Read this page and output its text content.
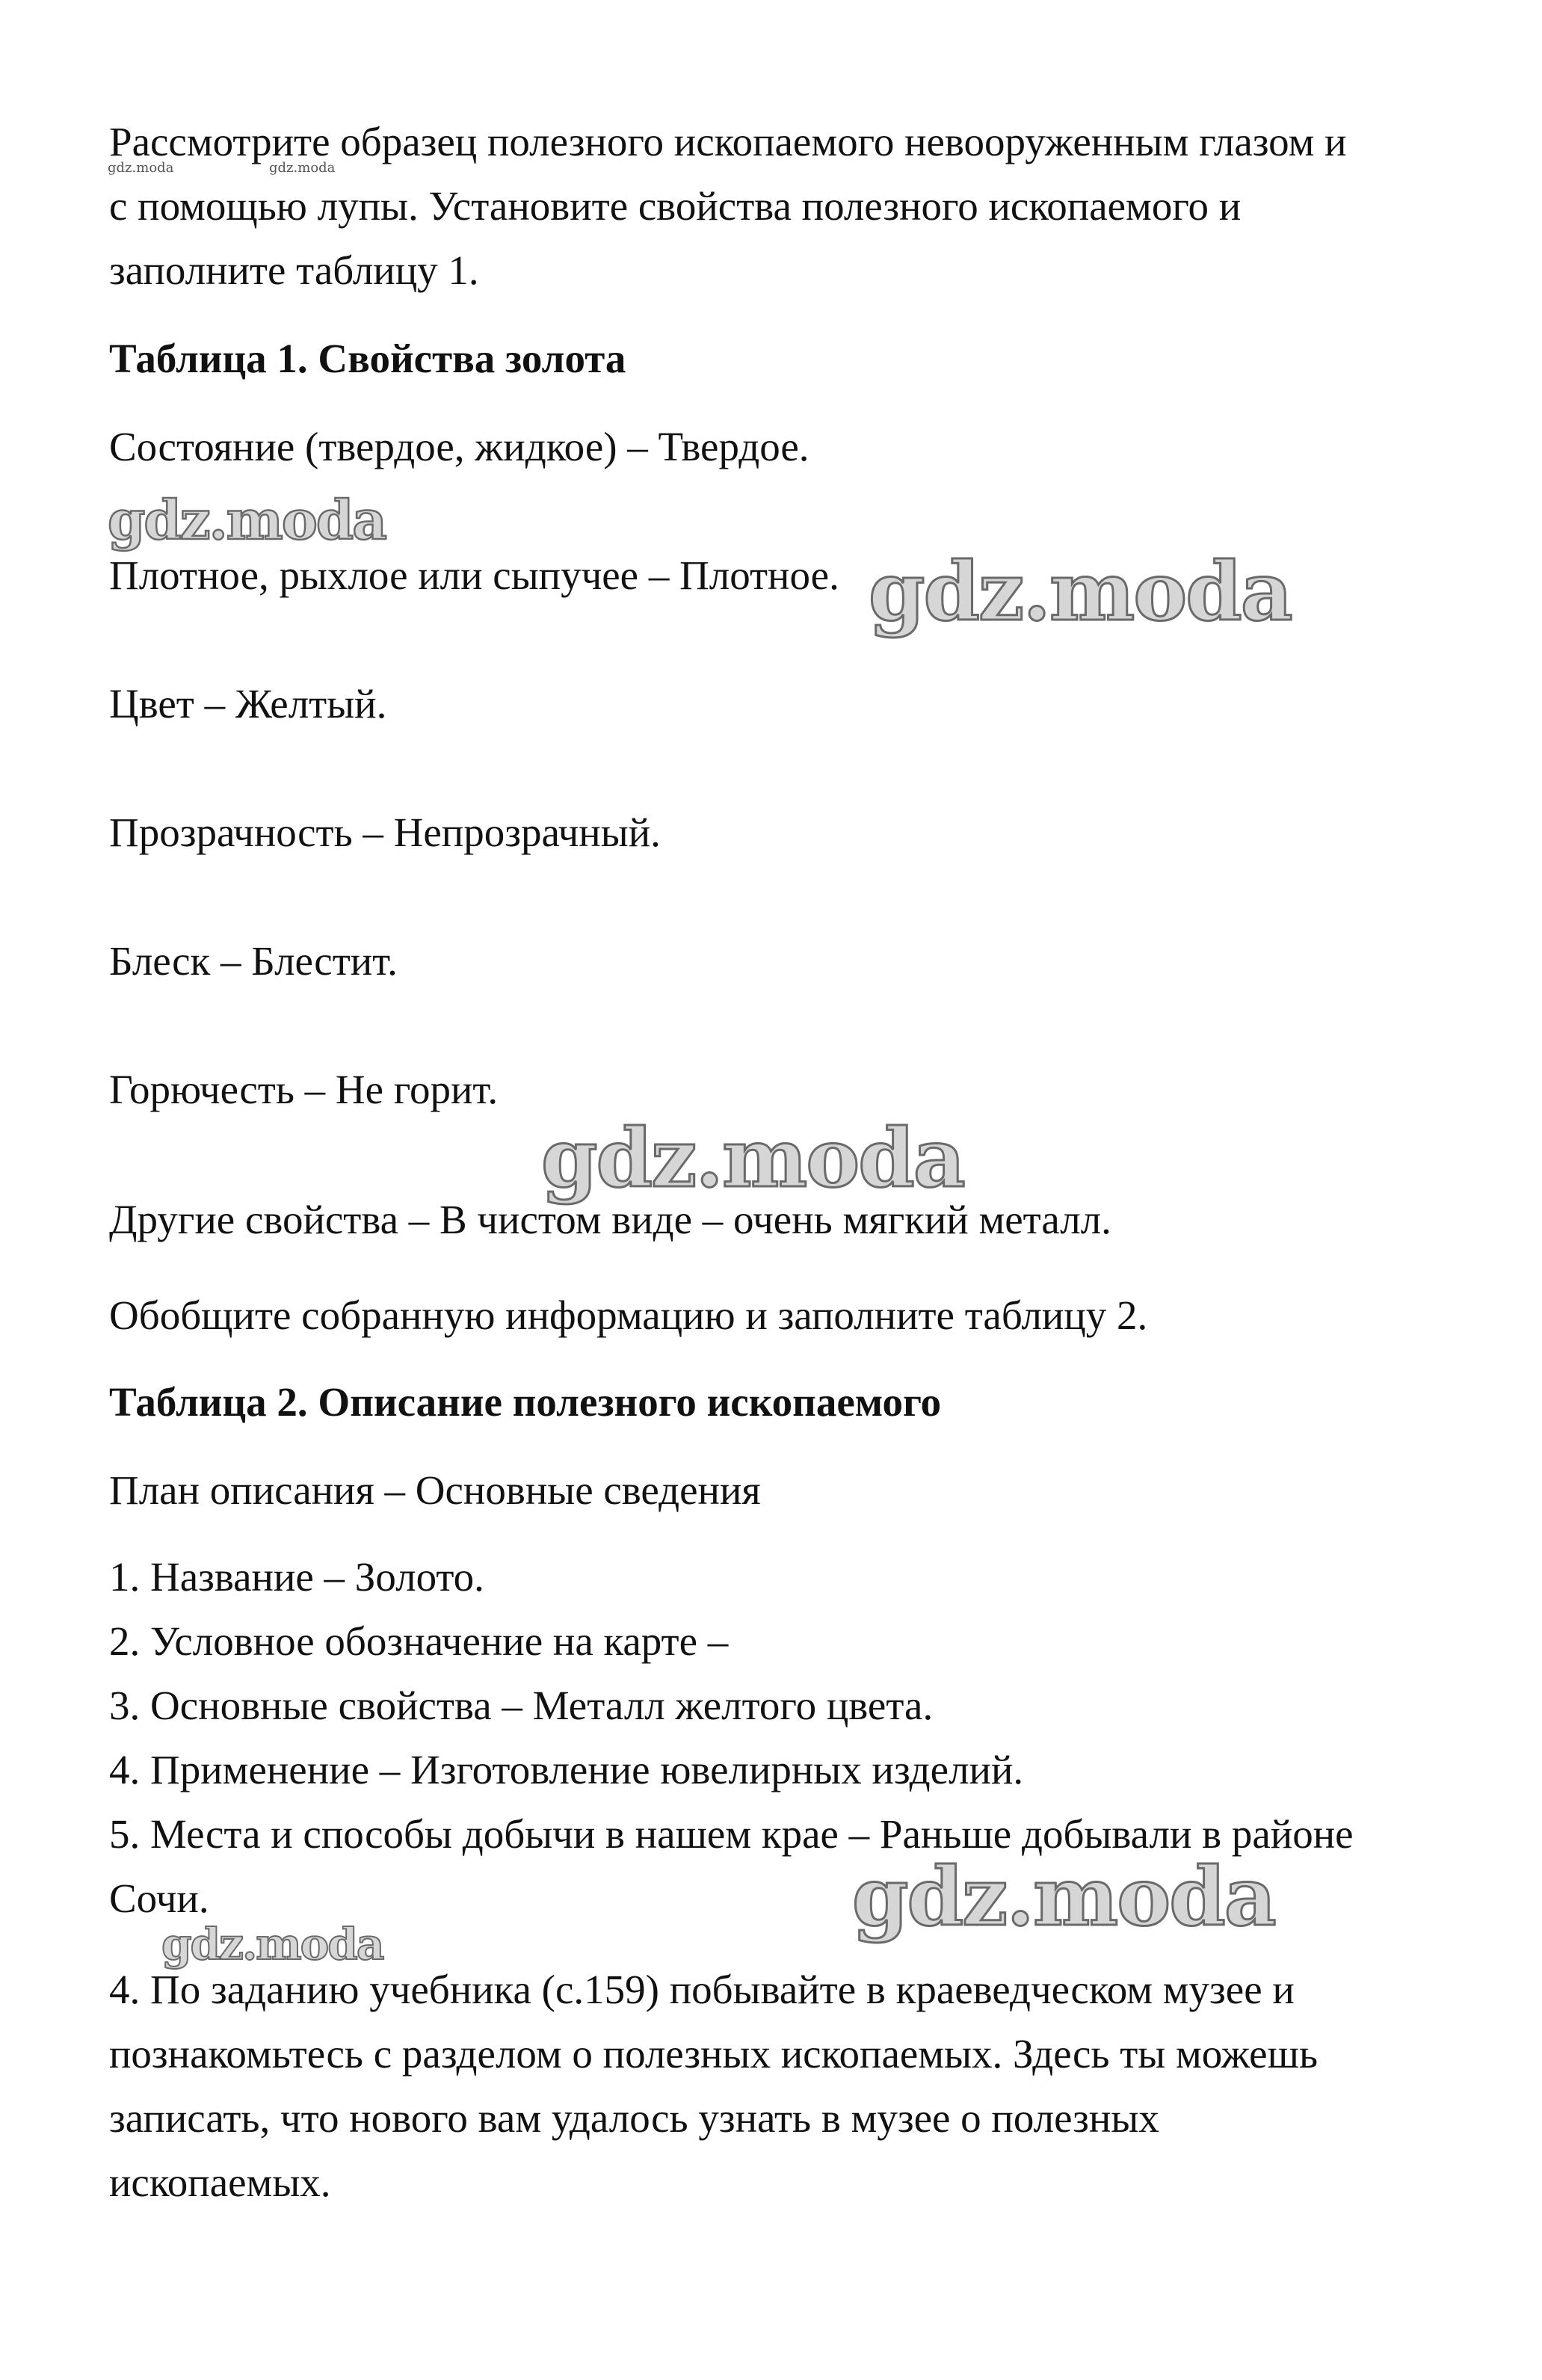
Рассмотрите образец полезного ископаемого невооруженным глазом и

с помощью лупы. Установите свойства полезного ископаемого и

заполните таблицу 1.

Таблица 1. Свойства золота

Состояние (твердое, жидкое) – Твердое.

Плотное, рыхлое или сыпучее – Плотное.

Цвет – Желтый.

Прозрачность – Непрозрачный.

Блеск – Блестит.

Горючесть – Не горит.

Другие свойства – В чистом виде – очень мягкий металл.

Обобщите собранную информацию и заполните таблицу 2.

Таблица 2. Описание полезного ископаемого

План описания – Основные сведения

1. Название – Золото.

2. Условное обозначение на карте –

3. Основные свойства – Металл желтого цвета.

4. Применение – Изготовление ювелирных изделий.

5. Места и способы добычи в нашем крае – Раньше добывали в районе

Сочи.

4. По заданию учебника (с.159) побывайте в краеведческом музее и

познакомьтесь с разделом о полезных ископаемых. Здесь ты можешь

записать, что нового вам удалось узнать в музее о полезных

ископаемых.

gdz.moda	gdz.moda
gdz.moda
gdz.moda
gdz.moda
gdz.moda
gdz.moda
